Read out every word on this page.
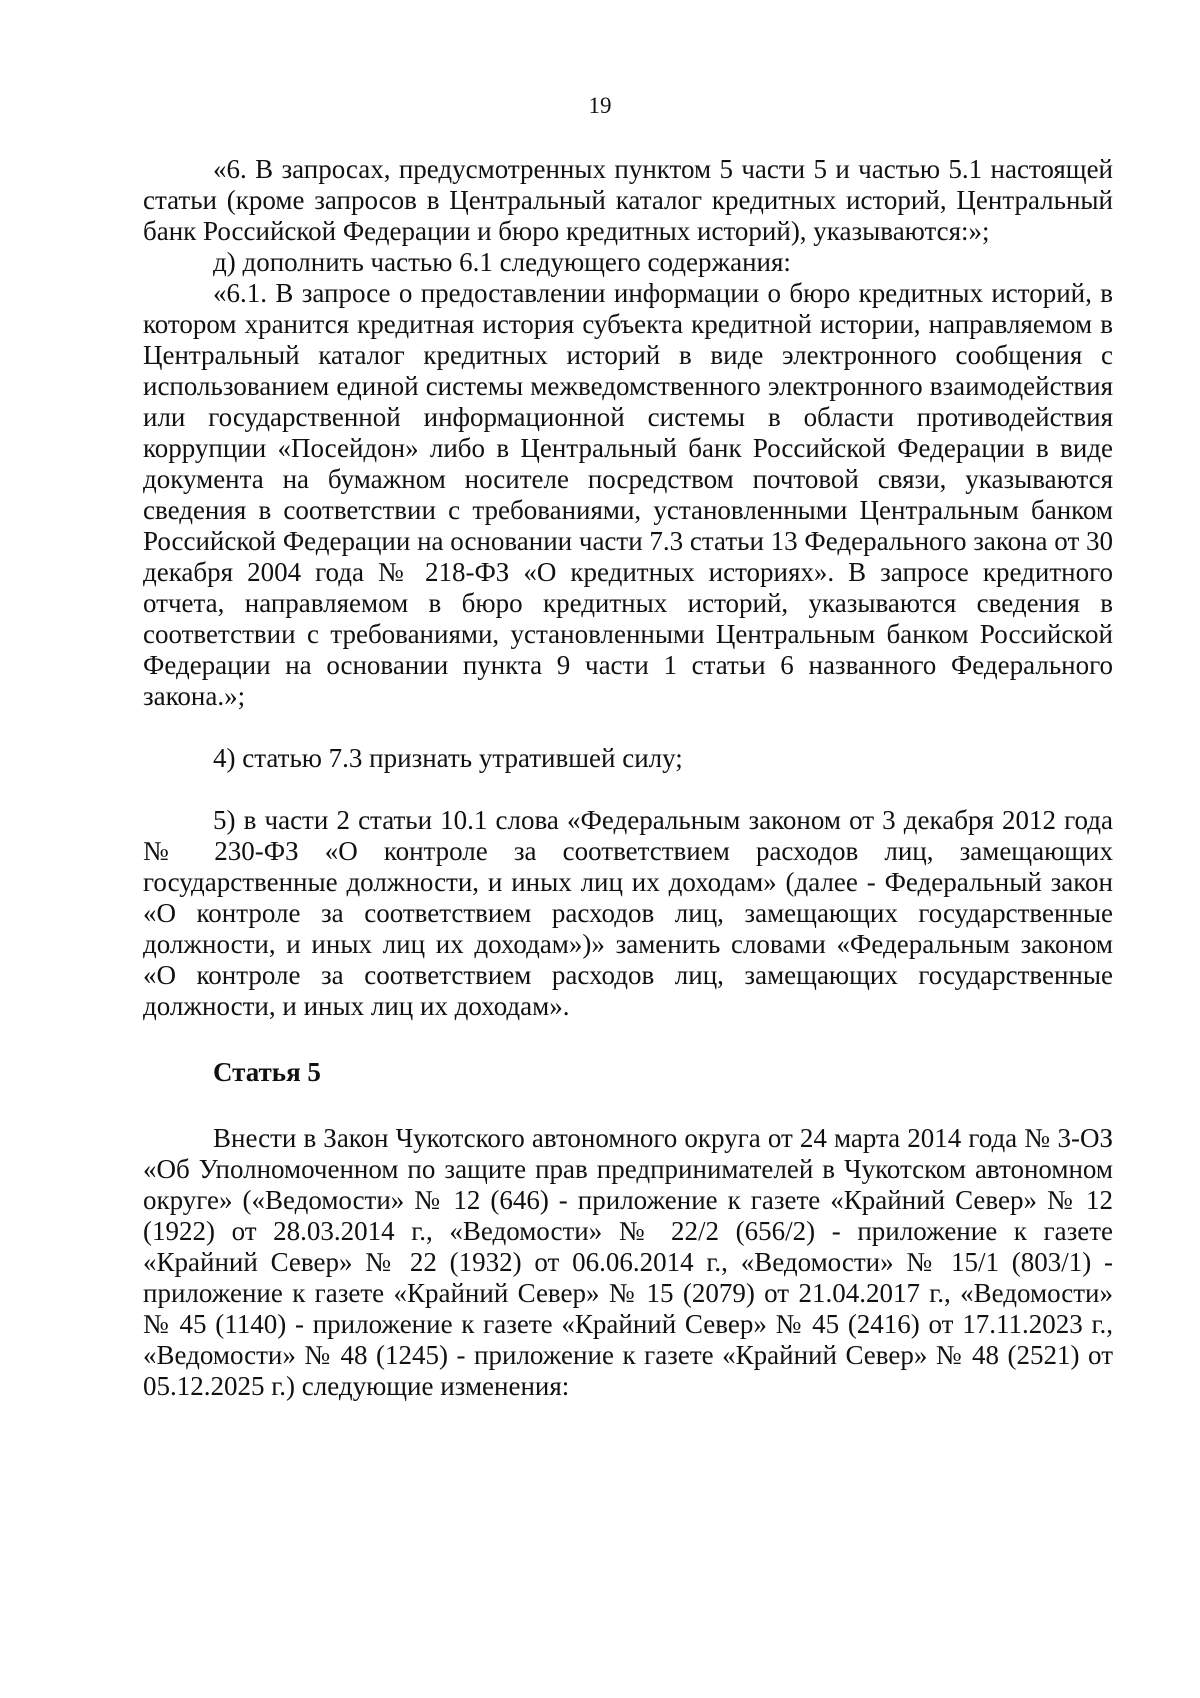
19

«6. В запросах, предусмотренных пунктом 5 части 5 и частью 5.1 настоящей статьи (кроме запросов в Центральный каталог кредитных историй, Центральный банк Российской Федерации и бюро кредитных историй), указываются:»;

д) дополнить частью 6.1 следующего содержания:

«6.1. В запросе о предоставлении информации о бюро кредитных историй, в котором хранится кредитная история субъекта кредитной истории, направляемом в Центральный каталог кредитных историй в виде электронного сообщения с использованием единой системы межведомственного электронного взаимодействия или государственной информационной системы в области противодействия коррупции «Посейдон» либо в Центральный банк Российской Федерации в виде документа на бумажном носителе посредством почтовой связи, указываются сведения в соответствии с требованиями, установленными Центральным банком Российской Федерации на основании части 7.3 статьи 13 Федерального закона от 30 декабря 2004 года № 218-ФЗ «О кредитных историях». В запросе кредитного отчета, направляемом в бюро кредитных историй, указываются сведения в соответствии с требованиями, установленными Центральным банком Российской Федерации на основании пункта 9 части 1 статьи 6 названного Федерального закона.»;

4) статью 7.3 признать утратившей силу;

5) в части 2 статьи 10.1 слова «Федеральным законом от 3 декабря 2012 года № 230-ФЗ «О контроле за соответствием расходов лиц, замещающих государственные должности, и иных лиц их доходам» (далее - Федеральный закон «О контроле за соответствием расходов лиц, замещающих государственные должности, и иных лиц их доходам»)» заменить словами «Федеральным законом «О контроле за соответствием расходов лиц, замещающих государственные должности, и иных лиц их доходам».

Статья 5

Внести в Закон Чукотского автономного округа от 24 марта 2014 года № 3-ОЗ «Об Уполномоченном по защите прав предпринимателей в Чукотском автономном округе» («Ведомости» № 12 (646) - приложение к газете «Крайний Север» № 12 (1922) от 28.03.2014 г., «Ведомости» № 22/2 (656/2) - приложение к газете «Крайний Север» № 22 (1932) от 06.06.2014 г., «Ведомости» № 15/1 (803/1) - приложение к газете «Крайний Север» № 15 (2079) от 21.04.2017 г., «Ведомости» № 45 (1140) - приложение к газете «Крайний Север» № 45 (2416) от 17.11.2023 г., «Ведомости» № 48 (1245) - приложение к газете «Крайний Север» № 48 (2521) от 05.12.2025 г.) следующие изменения:
